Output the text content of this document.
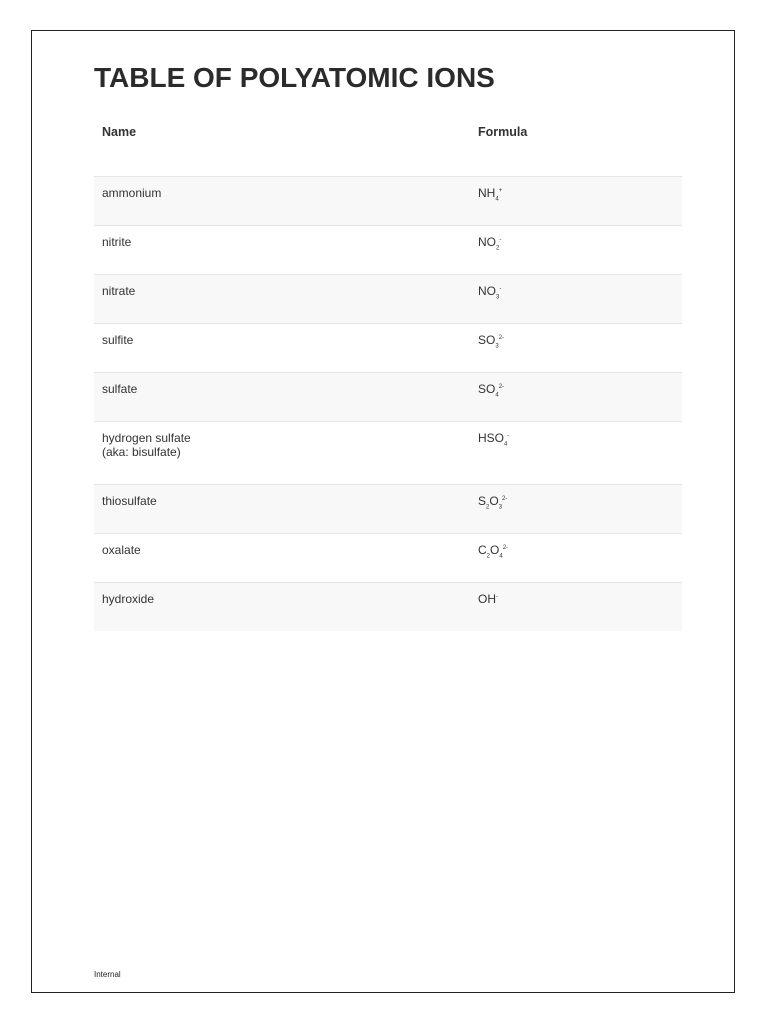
TABLE OF POLYATOMIC IONS
Name	Formula
ammonium	$NH_4^+$
nitrite	$NO_2^-$
nitrate	$NO_3^-$
sulfite	$SO_3^{2-}$
sulfate	$SO_4^{2-}$
hydrogen sulfate
(aka: bisulfate)	$HSO_4^-$
thiosulfate	$S_2O_3^{2-}$
oxalate	$C_2O_4^{2-}$
hydroxide	OH-
Internal
